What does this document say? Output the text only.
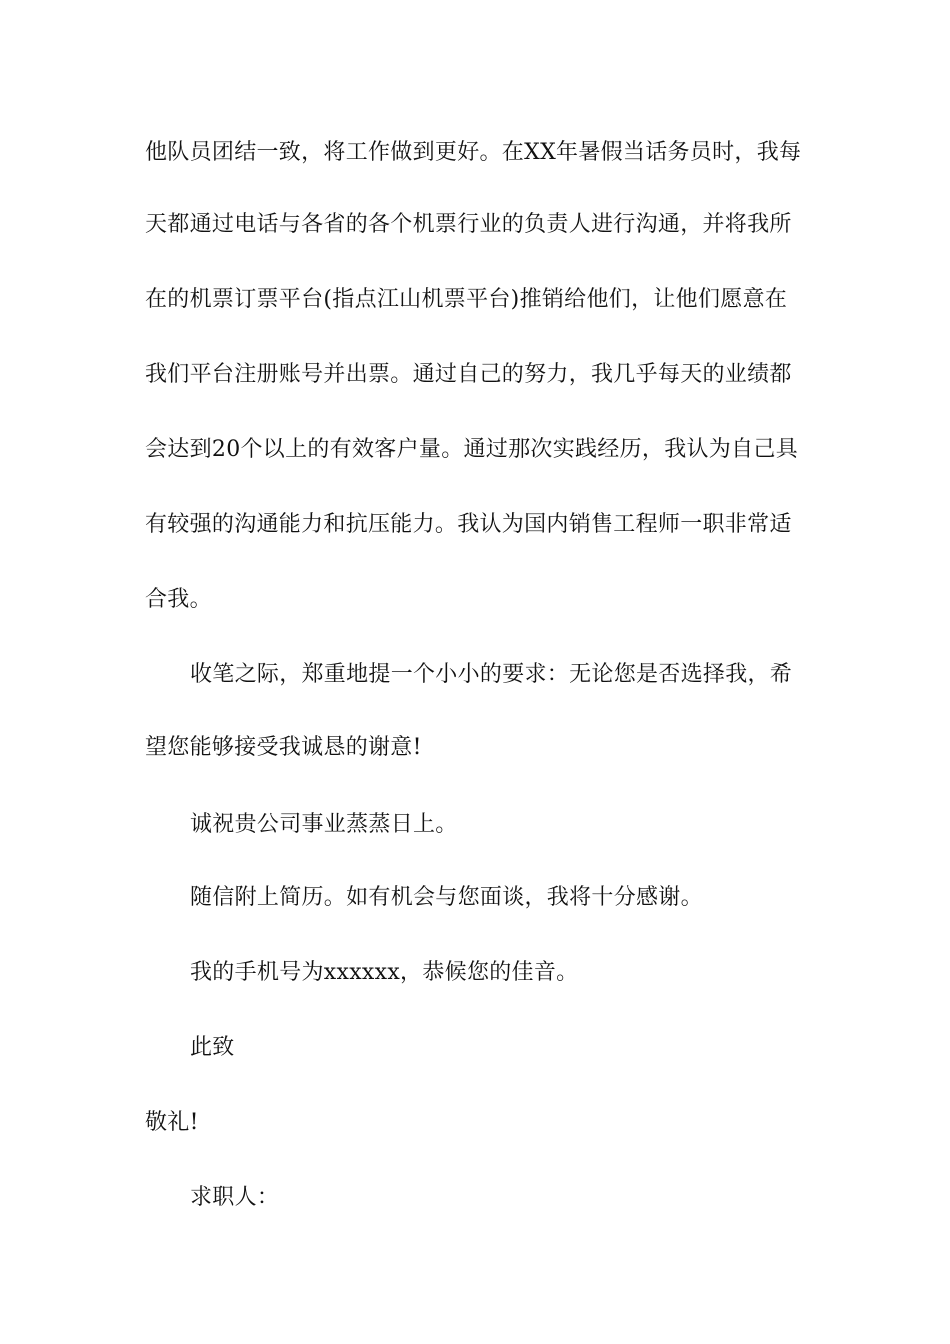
他队员团结一致，将工作做到更好。在XX年暑假当话务员时，我每
天都通过电话与各省的各个机票行业的负责人进行沟通，并将我所
在的机票订票平台(指点江山机票平台)推销给他们，让他们愿意在
我们平台注册账号并出票。通过自己的努力，我几乎每天的业绩都
会达到20个以上的有效客户量。通过那次实践经历，我认为自己具
有较强的沟通能力和抗压能力。我认为国内销售工程师一职非常适
合我。
收笔之际，郑重地提一个小小的要求：无论您是否选择我，希
望您能够接受我诚恳的谢意!
诚祝贵公司事业蒸蒸日上。
随信附上简历。如有机会与您面谈，我将十分感谢。
我的手机号为xxxxxx，恭候您的佳音。
此致
敬礼!
求职人：
